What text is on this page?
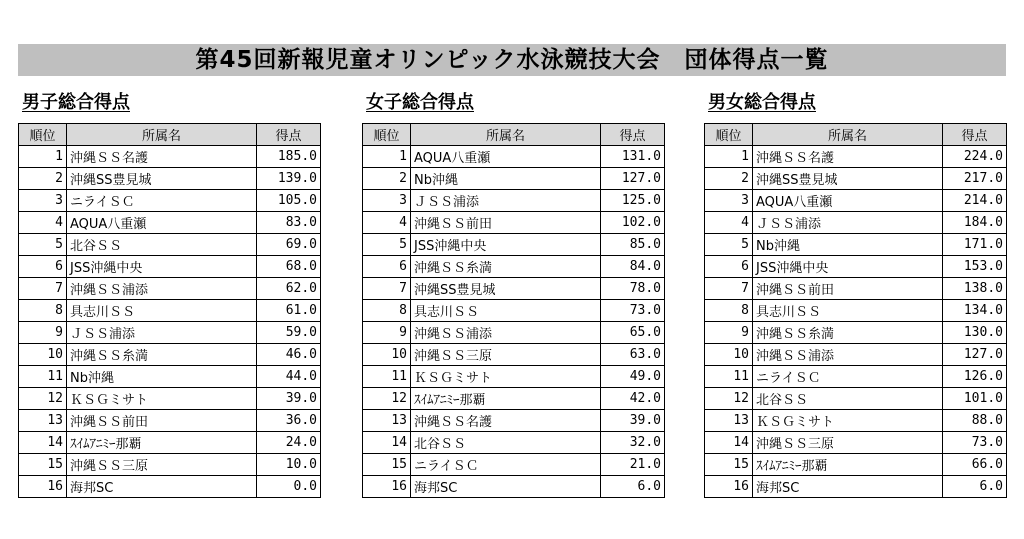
第45回新報児童オリンピック水泳競技大会　団体得点一覧
男子総合得点
順位	所属名	得点
1	沖縄ＳＳ名護	185.0
2	沖縄SS豊見城	139.0
3	ニライＳＣ	105.0
4	AQUA八重瀬	83.0
5	北谷ＳＳ	69.0
6	JSS沖縄中央	68.0
7	沖縄ＳＳ浦添	62.0
8	具志川ＳＳ	61.0
9	ＪＳＳ浦添	59.0
10	沖縄ＳＳ糸満	46.0
11	Nb沖縄	44.0
12	ＫＳＧミサト	39.0
13	沖縄ＳＳ前田	36.0
14	ｽｲﾑｱﾆﾐｰ那覇	24.0
15	沖縄ＳＳ三原	10.0
16	海邦SC	0.0
女子総合得点
順位	所属名	得点
1	AQUA八重瀬	131.0
2	Nb沖縄	127.0
3	ＪＳＳ浦添	125.0
4	沖縄ＳＳ前田	102.0
5	JSS沖縄中央	85.0
6	沖縄ＳＳ糸満	84.0
7	沖縄SS豊見城	78.0
8	具志川ＳＳ	73.0
9	沖縄ＳＳ浦添	65.0
10	沖縄ＳＳ三原	63.0
11	ＫＳＧミサト	49.0
12	ｽｲﾑｱﾆﾐｰ那覇	42.0
13	沖縄ＳＳ名護	39.0
14	北谷ＳＳ	32.0
15	ニライＳＣ	21.0
16	海邦SC	6.0
男女総合得点
順位	所属名	得点
1	沖縄ＳＳ名護	224.0
2	沖縄SS豊見城	217.0
3	AQUA八重瀬	214.0
4	ＪＳＳ浦添	184.0
5	Nb沖縄	171.0
6	JSS沖縄中央	153.0
7	沖縄ＳＳ前田	138.0
8	具志川ＳＳ	134.0
9	沖縄ＳＳ糸満	130.0
10	沖縄ＳＳ浦添	127.0
11	ニライＳＣ	126.0
12	北谷ＳＳ	101.0
13	ＫＳＧミサト	88.0
14	沖縄ＳＳ三原	73.0
15	ｽｲﾑｱﾆﾐｰ那覇	66.0
16	海邦SC	6.0
